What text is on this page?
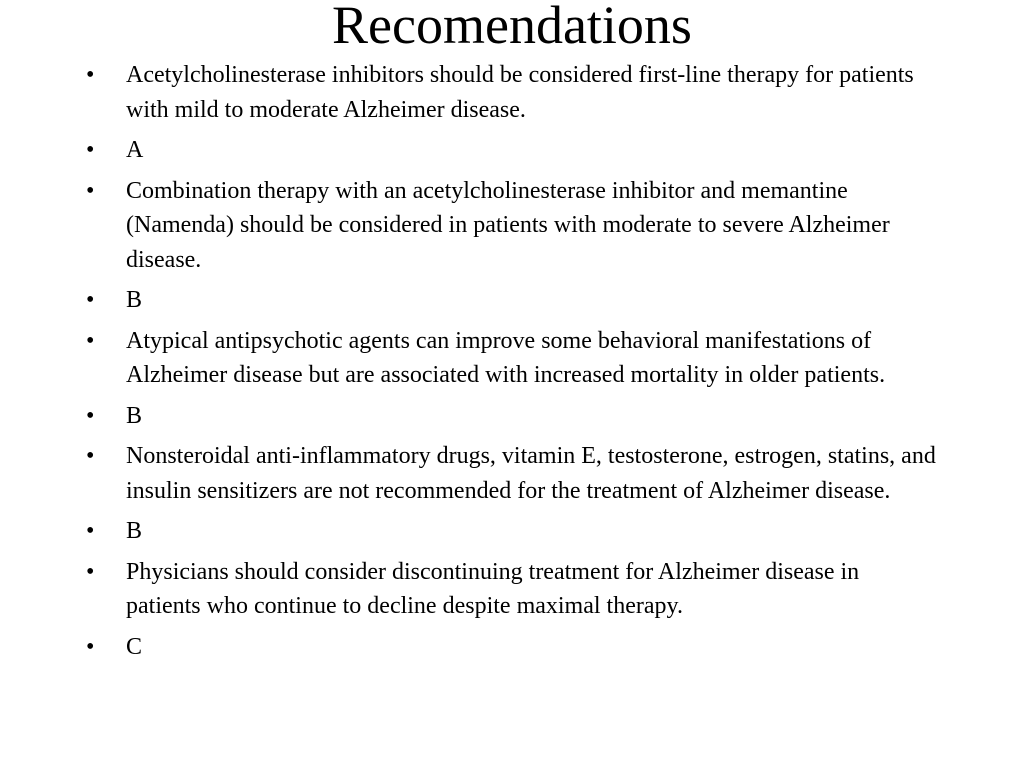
Recomendations
•	Acetylcholinesterase inhibitors should be considered first-line therapy for patients with mild to moderate Alzheimer disease.
•	A
•	Combination therapy with an acetylcholinesterase inhibitor and memantine (Namenda) should be considered in patients with moderate to severe Alzheimer disease.
•	B
•	Atypical antipsychotic agents can improve some behavioral manifestations of Alzheimer disease but are associated with increased mortality in older patients.
•	B
•	Nonsteroidal anti-inflammatory drugs, vitamin E, testosterone, estrogen, statins, and insulin sensitizers are not recommended for the treatment of Alzheimer disease.
•	B
•	Physicians should consider discontinuing treatment for Alzheimer disease in patients who continue to decline despite maximal therapy.
•	C
